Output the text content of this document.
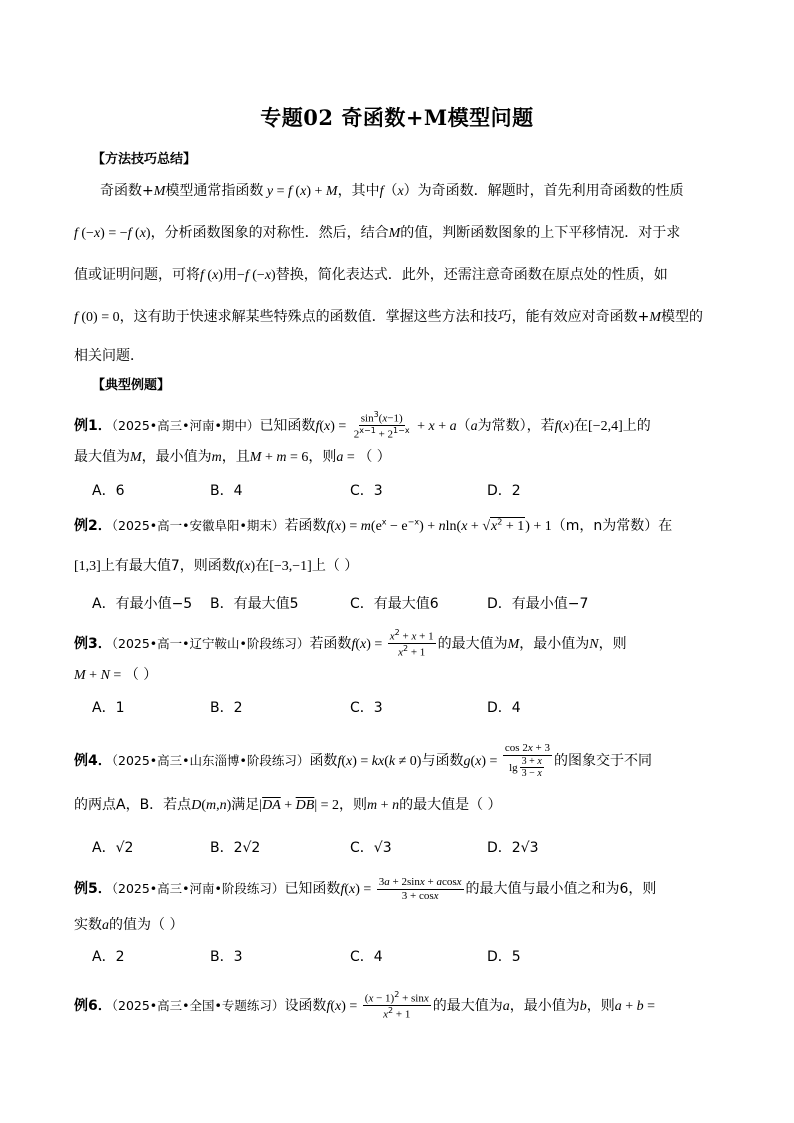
专题02 奇函数+M模型问题
【方法技巧总结】
奇函数+M模型通常指函数 y = f (x) + M，其中f（x）为奇函数．解题时，首先利用奇函数的性质
f (−x) = −f (x)，分析函数图象的对称性．然后，结合M的值，判断函数图象的上下平移情况．对于求
值或证明问题，可将f (x)用−f (−x)替换，简化表达式．此外，还需注意奇函数在原点处的性质，如
f (0) = 0，这有助于快速求解某些特殊点的函数值．掌握这些方法和技巧，能有效应对奇函数+M模型的
相关问题．
【典型例题】
例1．（2025•高三•河南•期中）已知函数$f(x) = \frac{\sin^3(x-1)}{2^{x-1} + 2^{1-x}} + x + a(a$为常数），若f(x)在[−2,4]上的
最大值为M，最小值为m，且M + m = 6，则a = （ ）
A．6	B．4	C．3	D．2
例2．（2025•高一•安徽阜阳•期末）若函数$f(x) = m(e^x - e^{-x}) + nln(x + √x^2 + 1) + 1(m$，n为常数）在
[1,3]上有最大值7，则函数f(x)在[−3,−1]上（ ）
A．有最小值−5 B．有最大值5	C．有最大值6	D．有最小值−7
例3．（2025•高一•辽宁鞍山•阶段练习）若函数$f(x) = \frac{x^2 + x + 1}{x^2 + 1}$ 的最大值为M，最小值为N，则
M + N = （ ）
A．1	B．2	C．3	D．4
例4．（2025•高三•山东淄博•阶段练习）函数f(x) = kx(k ≠ 0)与函数$g(x) = \frac{\cos 2x + 3}{\lg \frac{3 + x}{3 - x}}$ 的图象交于不同
的两点A，B．若点D(m,n)满足$|\overline{DA} + \overline{DB}| = 2$，则m + n的最大值是（ ）
A．√2	B．2√2	C．√3	D．2√3
例5．（2025•高三•河南•阶段练习）已知函数$f(x) = \frac{3a + 2\sin x + acosx}{3 + \cos x}$ 的最大值与最小值之和为6，则
实数a的值为（ ）
A．2	B．3	C．4	D．5
例6．（2025•高三•全国•专题练习）设函数$f(x) = \frac{(x - 1)^2 + \sin x}{x^2 + 1}$ 的最大值为a，最小值为b，则a + b =
